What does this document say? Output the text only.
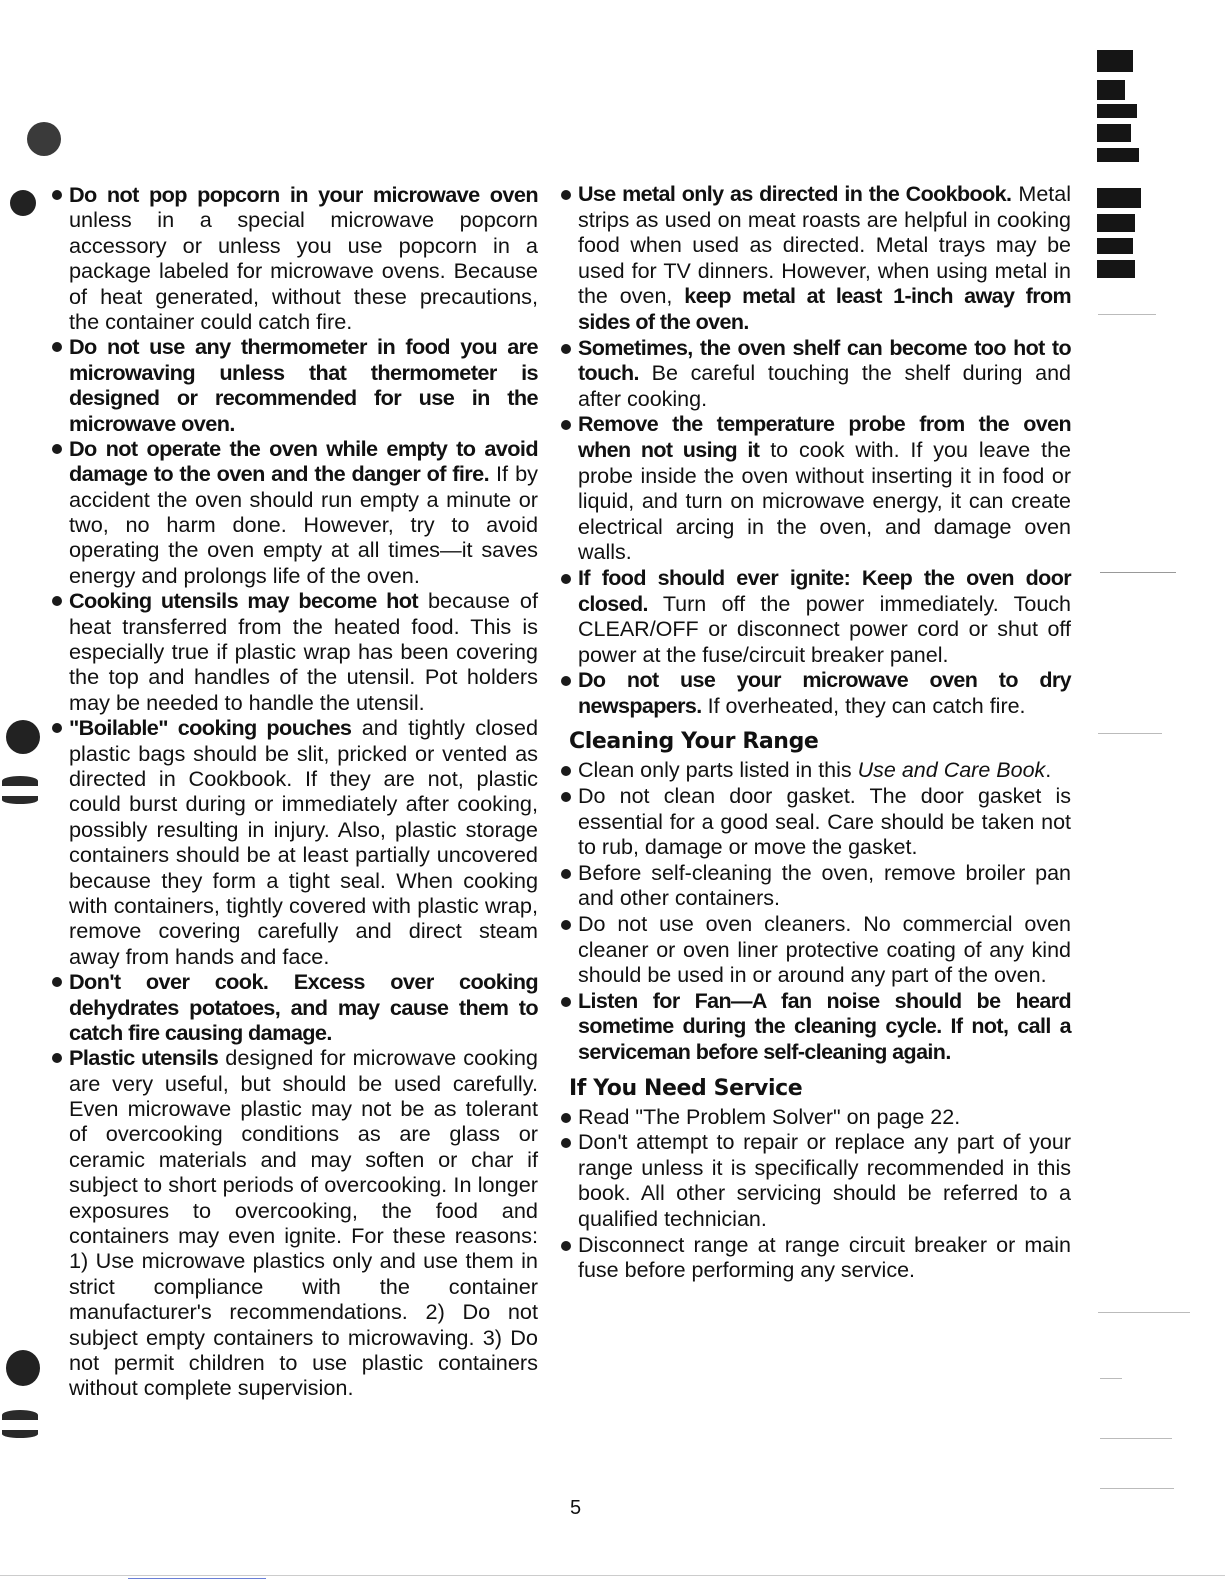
Do not pop popcorn in your microwave oven unless in a special microwave popcorn accessory or unless you use popcorn in a package labeled for microwave ovens. Because of heat generated, without these precautions, the container could catch fire.
Do not use any thermometer in food you are microwaving unless that thermometer is designed or recommended for use in the microwave oven.
Do not operate the oven while empty to avoid damage to the oven and the danger of fire. If by accident the oven should run empty a minute or two, no harm done. However, try to avoid operating the oven empty at all times—it saves energy and prolongs life of the oven.
Cooking utensils may become hot because of heat transferred from the heated food. This is especially true if plastic wrap has been covering the top and handles of the utensil. Pot holders may be needed to handle the utensil.
"Boilable" cooking pouches and tightly closed plastic bags should be slit, pricked or vented as directed in Cookbook. If they are not, plastic could burst during or immediately after cooking, possibly resulting in injury. Also, plastic storage containers should be at least partially uncovered because they form a tight seal. When cooking with containers, tightly covered with plastic wrap, remove covering carefully and direct steam away from hands and face.
Don't over cook. Excess over cooking dehydrates potatoes, and may cause them to catch fire causing damage.
Plastic utensils designed for microwave cooking are very useful, but should be used carefully. Even microwave plastic may not be as tolerant of overcooking conditions as are glass or ceramic materials and may soften or char if subject to short periods of overcooking. In longer exposures to overcooking, the food and containers may even ignite. For these reasons: 1) Use microwave plastics only and use them in strict compliance with the container manufacturer's recommendations. 2) Do not subject empty containers to microwaving. 3) Do not permit children to use plastic containers without complete supervision.
Use metal only as directed in the Cookbook. Metal strips as used on meat roasts are helpful in cooking food when used as directed. Metal trays may be used for TV dinners. However, when using metal in the oven, keep metal at least 1-inch away from sides of the oven.
Sometimes, the oven shelf can become too hot to touch. Be careful touching the shelf during and after cooking.
Remove the temperature probe from the oven when not using it to cook with. If you leave the probe inside the oven without inserting it in food or liquid, and turn on microwave energy, it can create electrical arcing in the oven, and damage oven walls.
If food should ever ignite: Keep the oven door closed. Turn off the power immediately. Touch CLEAR/OFF or disconnect power cord or shut off power at the fuse/circuit breaker panel.
Do not use your microwave oven to dry newspapers. If overheated, they can catch fire.
Cleaning Your Range
Clean only parts listed in this Use and Care Book.
Do not clean door gasket. The door gasket is essential for a good seal. Care should be taken not to rub, damage or move the gasket.
Before self-cleaning the oven, remove broiler pan and other containers.
Do not use oven cleaners. No commercial oven cleaner or oven liner protective coating of any kind should be used in or around any part of the oven.
Listen for Fan—A fan noise should be heard sometime during the cleaning cycle. If not, call a serviceman before self-cleaning again.
If You Need Service
Read "The Problem Solver" on page 22.
Don't attempt to repair or replace any part of your range unless it is specifically recommended in this book. All other servicing should be referred to a qualified technician.
Disconnect range at range circuit breaker or main fuse before performing any service.
5
